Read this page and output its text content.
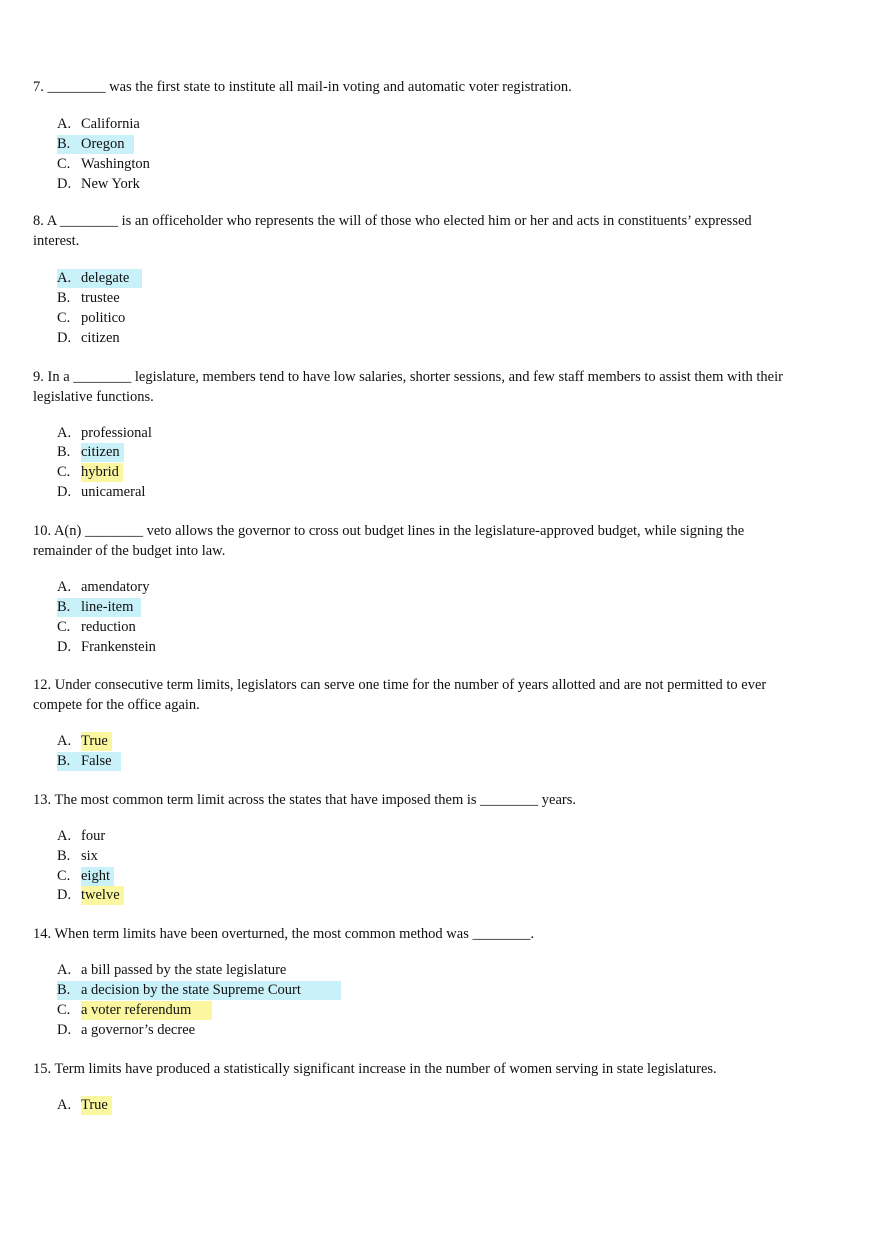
7. ________ was the first state to institute all mail-in voting and automatic voter registration.

A. California
B. Oregon
C. Washington
D. New York

8. A ________ is an officeholder who represents the will of those who elected him or her and acts in constituents’ expressed interest.

A. delegate
B. trustee
C. politico
D. citizen

9. In a ________ legislature, members tend to have low salaries, shorter sessions, and few staff members to assist them with their legislative functions.

A. professional
B. citizen
C. hybrid
D. unicameral

10. A(n) ________ veto allows the governor to cross out budget lines in the legislature-approved budget, while signing the remainder of the budget into law.

A. amendatory
B. line-item
C. reduction
D. Frankenstein

12. Under consecutive term limits, legislators can serve one time for the number of years allotted and are not permitted to ever compete for the office again.

A. True
B. False

13. The most common term limit across the states that have imposed them is ________ years.

A. four
B. six
C. eight
D. twelve

14. When term limits have been overturned, the most common method was ________.

A. a bill passed by the state legislature
B. a decision by the state Supreme Court
C. a voter referendum
D. a governor’s decree

15. Term limits have produced a statistically significant increase in the number of women serving in state legislatures.

A. True
